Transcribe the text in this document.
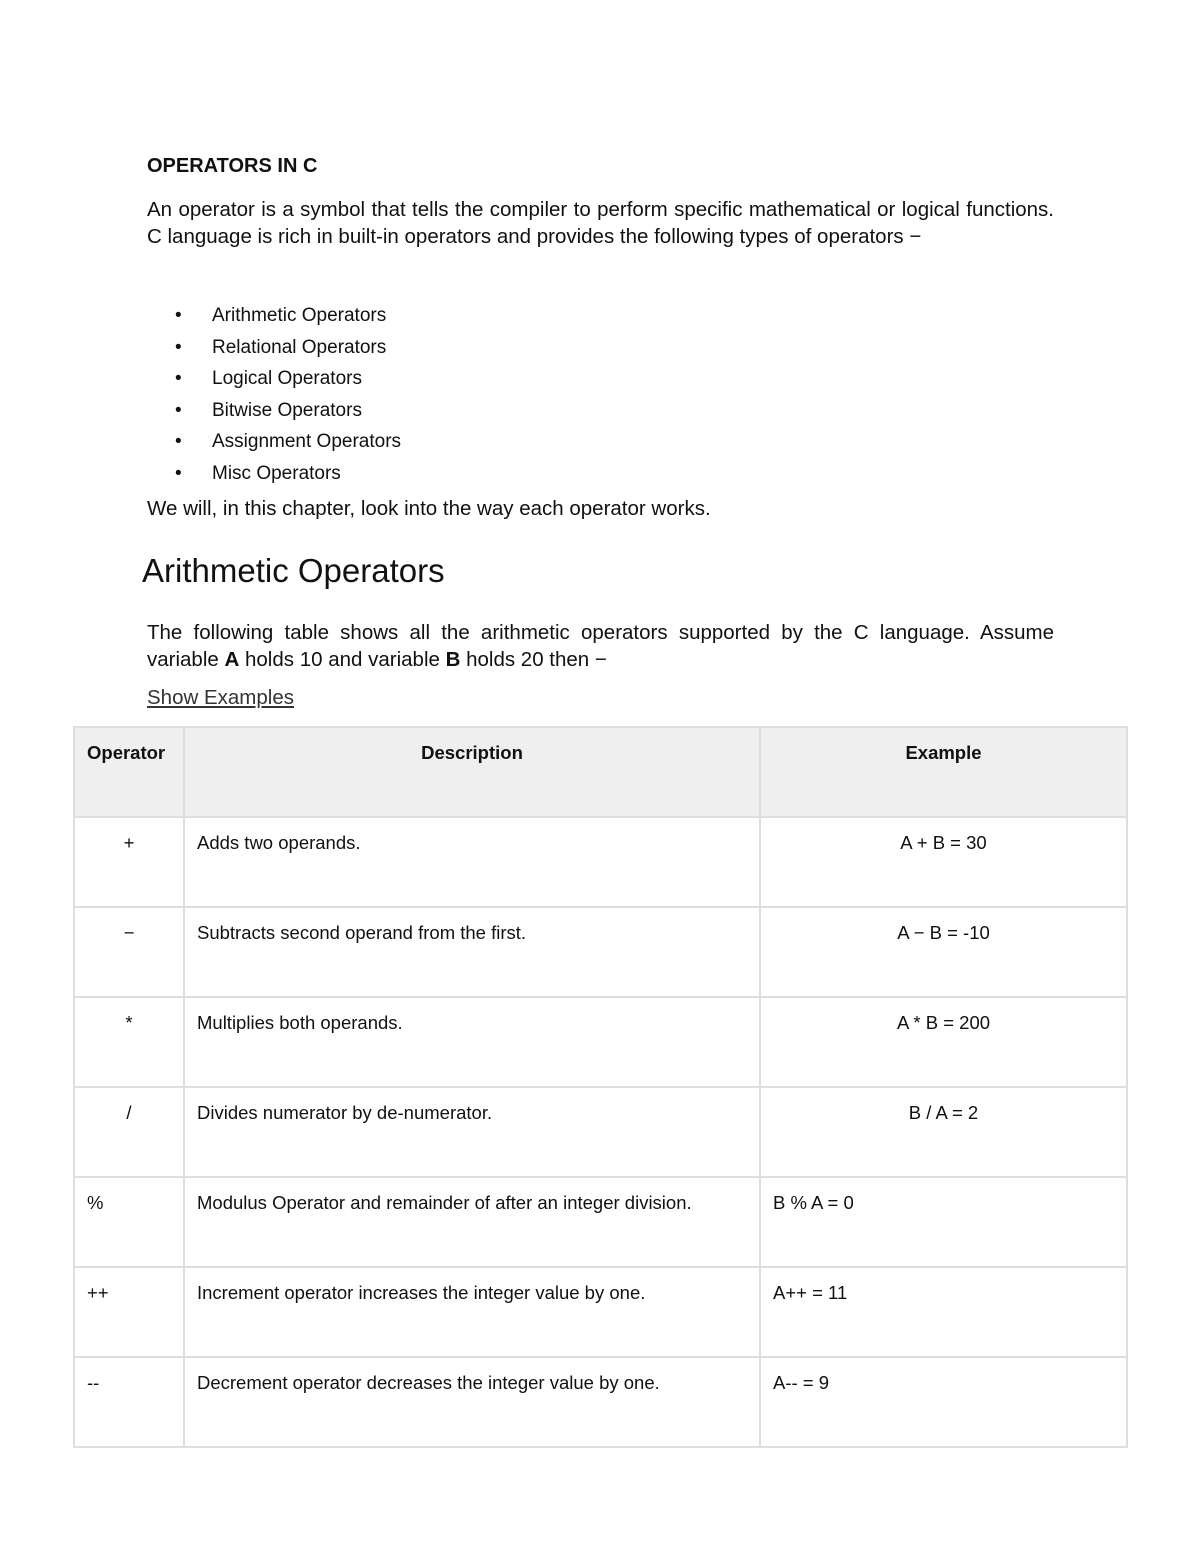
OPERATORS IN C
An operator is a symbol that tells the compiler to perform specific mathematical or logical functions. C language is rich in built-in operators and provides the following types of operators −
• Arithmetic Operators
• Relational Operators
• Logical Operators
• Bitwise Operators
• Assignment Operators
• Misc Operators
We will, in this chapter, look into the way each operator works.
Arithmetic Operators
The following table shows all the arithmetic operators supported by the C language. Assume variable A holds 10 and variable B holds 20 then −
Show Examples
Operator	Description	Example
+	Adds two operands.	A + B = 30
−	Subtracts second operand from the first.	A − B = -10
*	Multiplies both operands.	A * B = 200
/	Divides numerator by de-numerator.	B / A = 2
%	Modulus Operator and remainder of after an integer division.	B % A = 0
++	Increment operator increases the integer value by one.	A++ = 11
--	Decrement operator decreases the integer value by one.	A-- = 9
